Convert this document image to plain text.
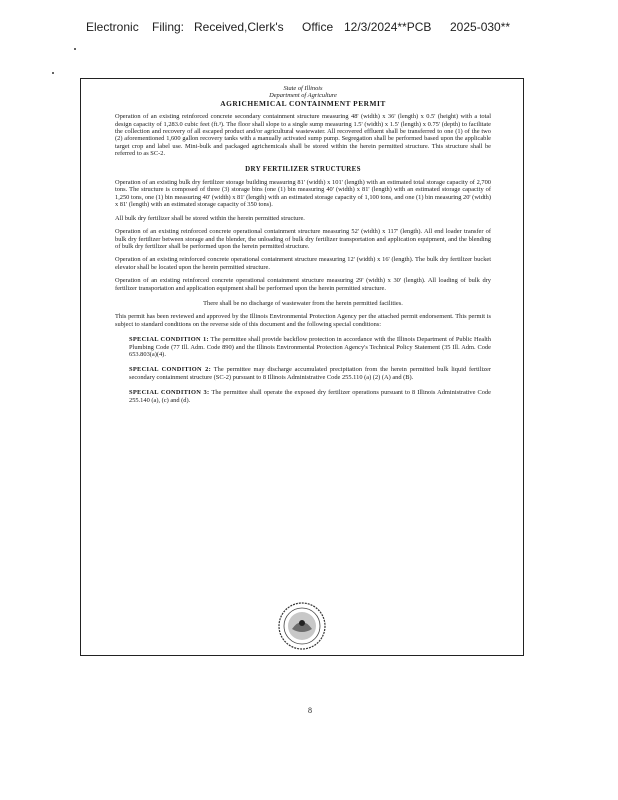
Electronic Filing: Received,Clerk's Office 12/3/2024**PCB 2025-030**

State of Illinois

Department of Agriculture

AGRICHEMICAL CONTAINMENT PERMIT

Operation of an existing reinforced concrete secondary containment structure measuring 48' (width) x 36' (length) x 0.5' (height) with a total design capacity of 1,283.0 cubic feet (ft.³). The floor shall slope to a single sump measuring 1.5' (width) x 1.5' (length) x 0.75' (depth) to facilitate the collection and recovery of all escaped product and/or agricultural wastewater. All recovered effluent shall be transferred to one (1) of the two (2) aforementioned 1,600 gallon recovery tanks with a manually activated sump pump. Segregation shall be performed based upon the applicable target crop and label use. Mini-bulk and packaged agrichemicals shall be stored within the herein permitted structure. This structure shall be referred to as SC-2.

DRY FERTILIZER STRUCTURES

Operation of an existing bulk dry fertilizer storage building measuring 81' (width) x 101' (length) with an estimated total storage capacity of 2,700 tons. The structure is composed of three (3) storage bins (one (1) bin measuring 40' (width) x 81' (length) with an estimated storage capacity of 1,250 tons, one (1) bin measuring 40' (width) x 81' (length) with an estimated storage capacity of 1,100 tons, and one (1) bin measuring 20' (width) x 81' (length) with an estimated storage capacity of 350 tons).

All bulk dry fertilizer shall be stored within the herein permitted structure.

Operation of an existing reinforced concrete operational containment structure measuring 52' (width) x 117' (length). All end loader transfer of bulk dry fertilizer between storage and the blender, the unloading of bulk dry fertilizer transportation and application equipment, and the blending of bulk dry fertilizer shall be performed upon the herein permitted structure.

Operation of an existing reinforced concrete operational containment structure measuring 12' (width) x 16' (length). The bulk dry fertilizer bucket elevator shall be located upon the herein permitted structure.

Operation of an existing reinforced concrete operational containment structure measuring 29' (width) x 30' (length). All loading of bulk dry fertilizer transportation and application equipment shall be performed upon the herein permitted structure.

There shall be no discharge of wastewater from the herein permitted facilities.

This permit has been reviewed and approved by the Illinois Environmental Protection Agency per the attached permit endorsement. This permit is subject to standard conditions on the reverse side of this document and the following special conditions:

SPECIAL CONDITION 1: The permittee shall provide backflow protection in accordance with the Illinois Department of Public Health Plumbing Code (77 Ill. Adm. Code 890) and the Illinois Environmental Protection Agency's Technical Policy Statement (35 Ill. Adm. Code 653.803(a)(4).
SPECIAL CONDITION 2: The permittee may discharge accumulated precipitation from the herein permitted bulk liquid fertilizer secondary containment structure (SC-2) pursuant to 8 Illinois Administrative Code 255.110 (a) (2) (A) and (B).
SPECIAL CONDITION 3: The permittee shall operate the exposed dry fertilizer operations pursuant to 8 Illinois Administrative Code 255.140 (a), (c) and (d).
8
